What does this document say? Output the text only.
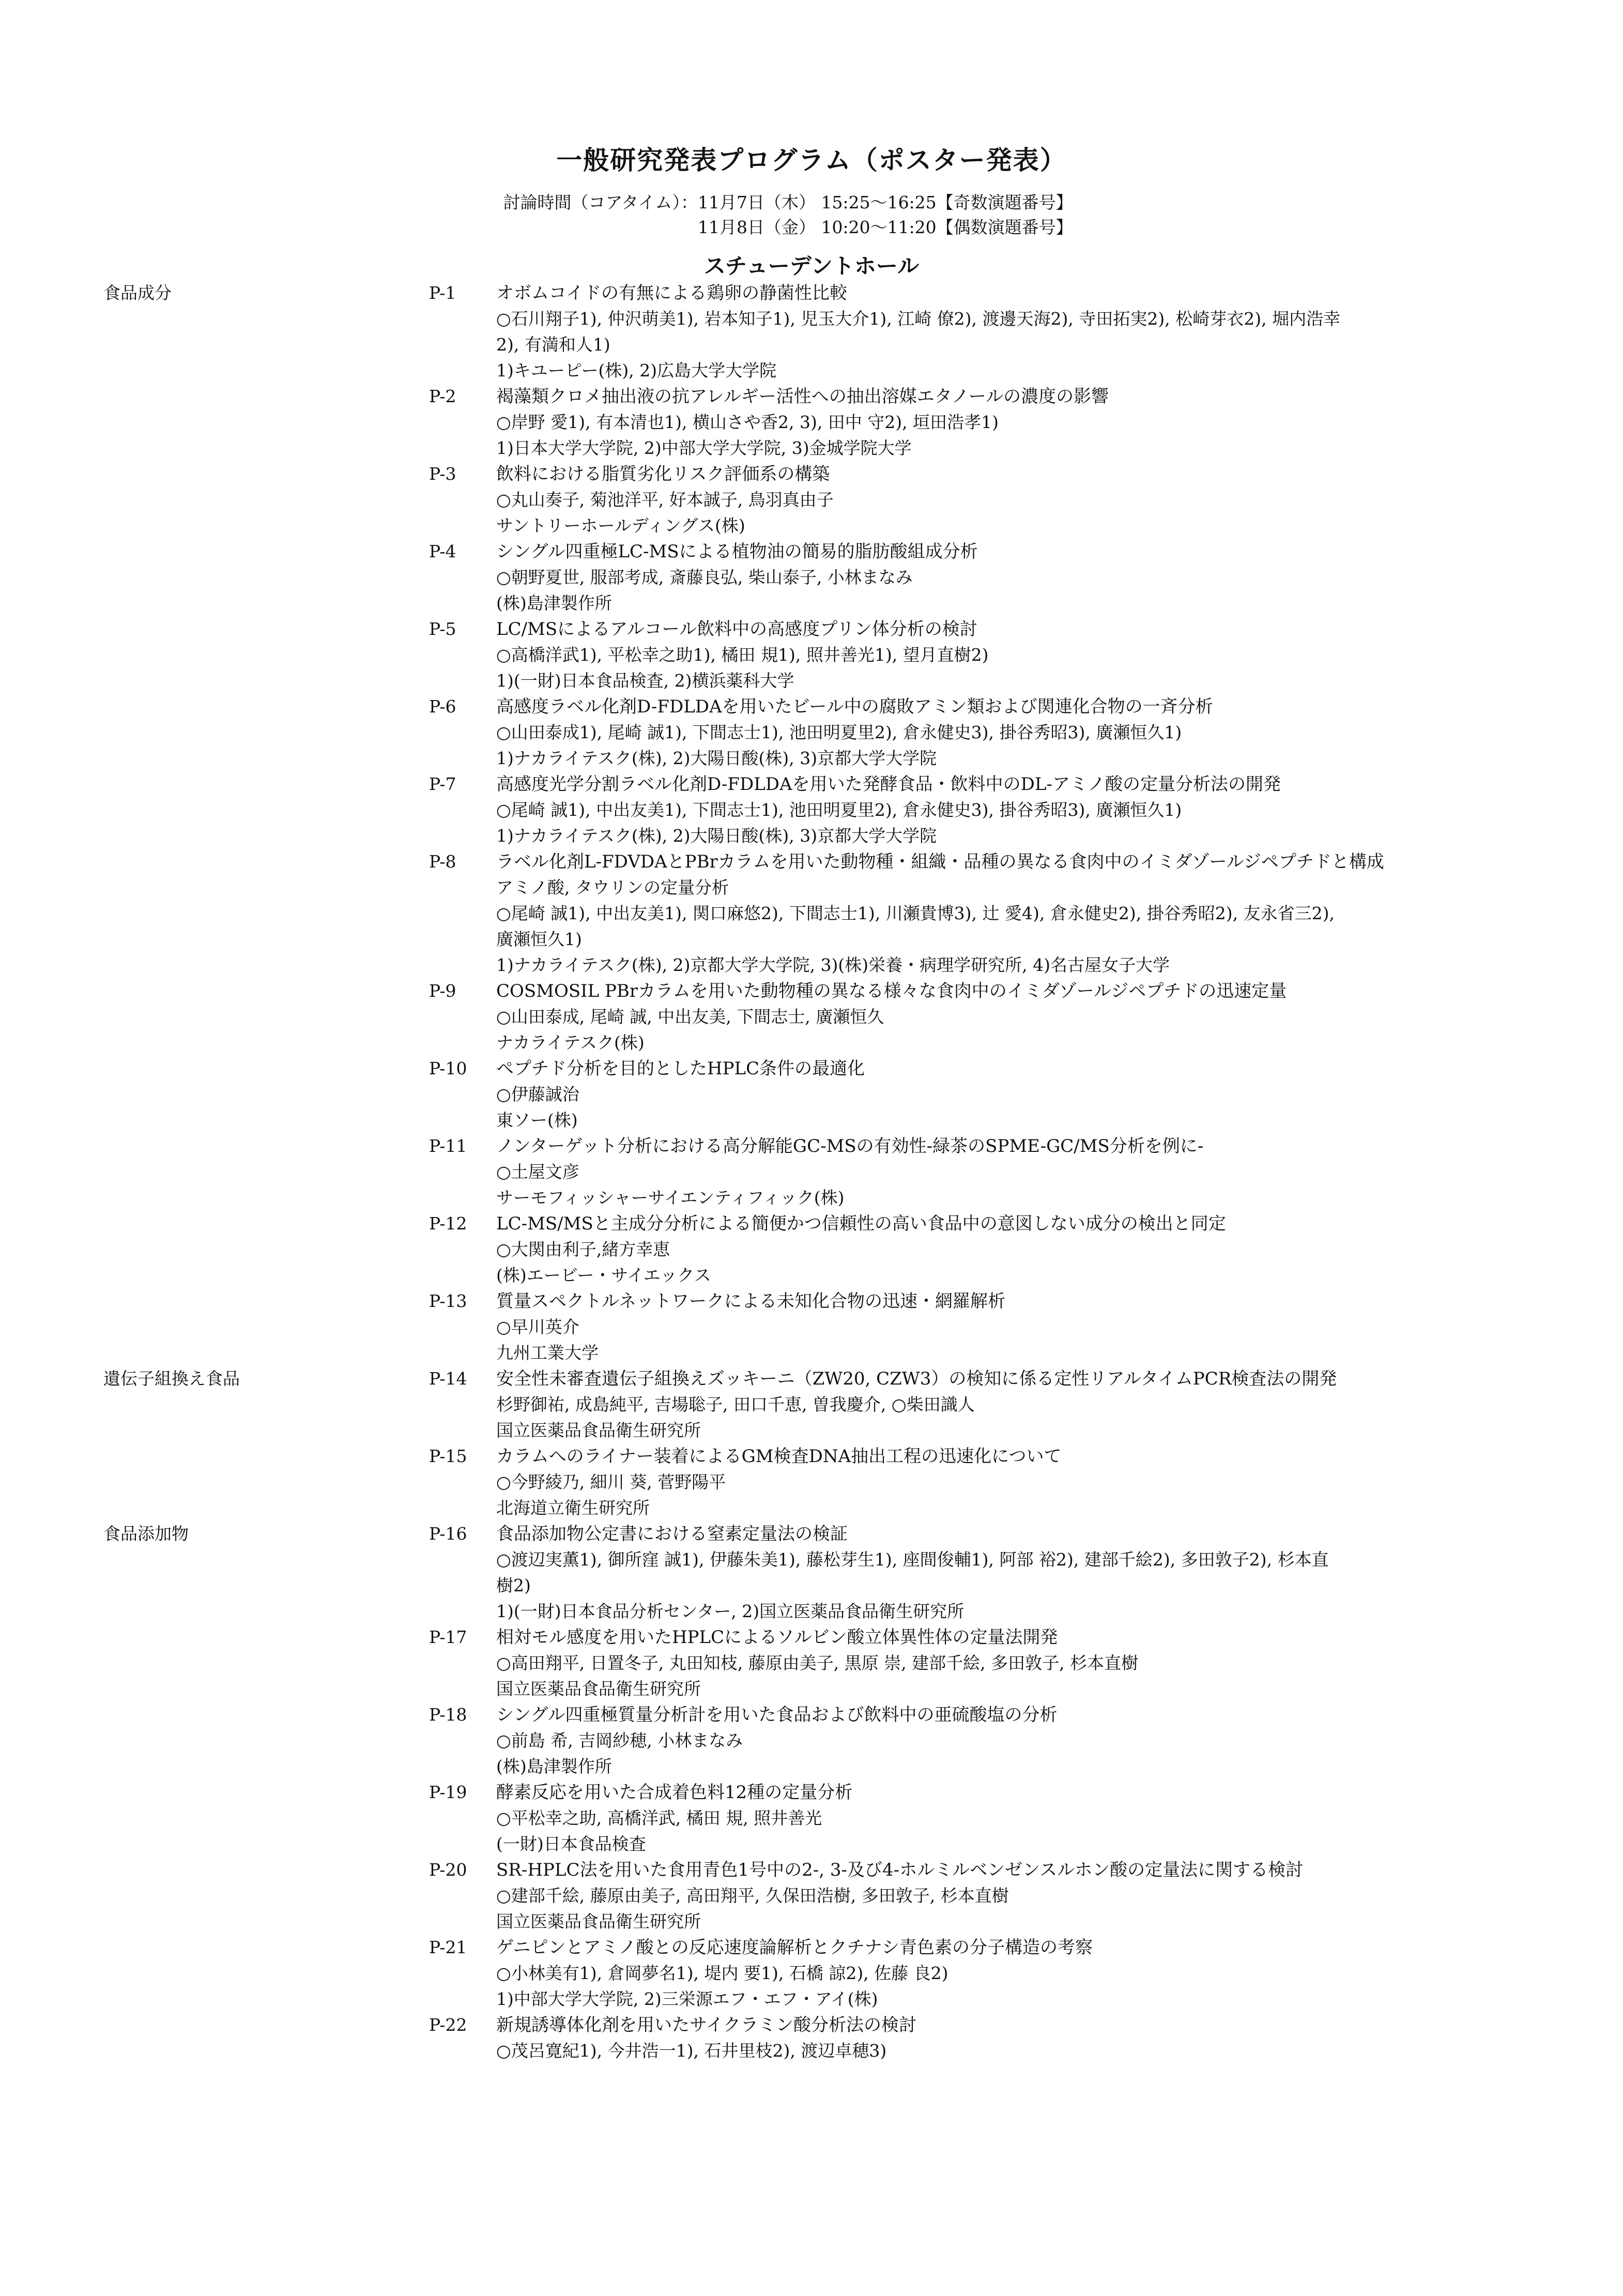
一般研究発表プログラム（ポスター発表）
討論時間（コアタイム）：11月7日（木） 15:25～16:25【奇数演題番号】
11月8日（金） 10:20～11:20【偶数演題番号】
スチューデントホール
食品成分	P-1 オボムコイドの有無による鶏卵の静菌性比較
○石川翔子1), 仲沢萌美1), 岩本知子1), 児玉大介1), 江崎 僚2), 渡邊天海2), 寺田拓実2), 松崎芽衣2), 堀内浩幸
2), 有満和人1)
1)キユーピー(株), 2)広島大学大学院
P-2 褐藻類クロメ抽出液の抗アレルギー活性への抽出溶媒エタノールの濃度の影響
○岸野 愛1), 有本清也1), 横山さや香2, 3), 田中 守2), 垣田浩孝1)
1)日本大学大学院, 2)中部大学大学院, 3)金城学院大学
P-3 飲料における脂質劣化リスク評価系の構築
○丸山奏子, 菊池洋平, 好本誠子, 鳥羽真由子
サントリーホールディングス(株)
P-4 シングル四重極LC-MSによる植物油の簡易的脂肪酸組成分析
○朝野夏世, 服部考成, 斎藤良弘, 柴山泰子, 小林まなみ
(株)島津製作所
P-5 LC/MSによるアルコール飲料中の高感度プリン体分析の検討
○高橋洋武1), 平松幸之助1), 橘田 規1), 照井善光1), 望月直樹2)
1)(一財)日本食品検査, 2)横浜薬科大学
P-6 高感度ラベル化剤D-FDLDAを用いたビール中の腐敗アミン類および関連化合物の一斉分析
○山田泰成1), 尾崎 誠1), 下間志士1), 池田明夏里2), 倉永健史3), 掛谷秀昭3), 廣瀬恒久1)
1)ナカライテスク(株), 2)大陽日酸(株), 3)京都大学大学院
P-7 高感度光学分割ラベル化剤D-FDLDAを用いた発酵食品・飲料中のDL-アミノ酸の定量分析法の開発
○尾崎 誠1), 中出友美1), 下間志士1), 池田明夏里2), 倉永健史3), 掛谷秀昭3), 廣瀬恒久1)
1)ナカライテスク(株), 2)大陽日酸(株), 3)京都大学大学院
P-8 ラベル化剤L-FDVDAとPBrカラムを用いた動物種・組織・品種の異なる食肉中のイミダゾールジペプチドと構成
アミノ酸, タウリンの定量分析
○尾崎 誠1), 中出友美1), 関口麻悠2), 下間志士1), 川瀬貴博3), 辻 愛4), 倉永健史2), 掛谷秀昭2), 友永省三2),
廣瀬恒久1)
1)ナカライテスク(株), 2)京都大学大学院, 3)(株)栄養・病理学研究所, 4)名古屋女子大学
P-9 COSMOSIL PBrカラムを用いた動物種の異なる様々な食肉中のイミダゾールジペプチドの迅速定量
○山田泰成, 尾崎 誠, 中出友美, 下間志士, 廣瀬恒久
ナカライテスク(株)
P-10 ペプチド分析を目的としたHPLC条件の最適化
○伊藤誠治
東ソー(株)
P-11 ノンターゲット分析における高分解能GC-MSの有効性-緑茶のSPME-GC/MS分析を例に-
○土屋文彦
サーモフィッシャーサイエンティフィック(株)
P-12 LC-MS/MSと主成分分析による簡便かつ信頼性の高い食品中の意図しない成分の検出と同定
○大関由利子,緒方幸恵
(株)エービー・サイエックス
P-13 質量スペクトルネットワークによる未知化合物の迅速・網羅解析
○早川英介
九州工業大学
遺伝子組換え食品	P-14 安全性未審査遺伝子組換えズッキーニ（ZW20, CZW3）の検知に係る定性リアルタイムPCR検査法の開発
杉野御祐, 成島純平, 吉場聡子, 田口千恵, 曽我慶介, ○柴田識人
国立医薬品食品衛生研究所
P-15 カラムへのライナー装着によるGM検査DNA抽出工程の迅速化について
○今野綾乃, 細川 葵, 菅野陽平
北海道立衛生研究所
食品添加物	P-16 食品添加物公定書における窒素定量法の検証
○渡辺実薫1), 御所窪 誠1), 伊藤朱美1), 藤松芽生1), 座間俊輔1), 阿部 裕2), 建部千絵2), 多田敦子2), 杉本直
樹2)
1)(一財)日本食品分析センター, 2)国立医薬品食品衛生研究所
P-17 相対モル感度を用いたHPLCによるソルビン酸立体異性体の定量法開発
○高田翔平, 日置冬子, 丸田知枝, 藤原由美子, 黒原 崇, 建部千絵, 多田敦子, 杉本直樹
国立医薬品食品衛生研究所
P-18 シングル四重極質量分析計を用いた食品および飲料中の亜硫酸塩の分析
○前島 希, 吉岡紗穂, 小林まなみ
(株)島津製作所
P-19 酵素反応を用いた合成着色料12種の定量分析
○平松幸之助, 高橋洋武, 橘田 規, 照井善光
(一財)日本食品検査
P-20 SR-HPLC法を用いた食用青色1号中の2-, 3-及び4-ホルミルベンゼンスルホン酸の定量法に関する検討
○建部千絵, 藤原由美子, 高田翔平, 久保田浩樹, 多田敦子, 杉本直樹
国立医薬品食品衛生研究所
P-21 ゲニピンとアミノ酸との反応速度論解析とクチナシ青色素の分子構造の考察
○小林美有1), 倉岡夢名1), 堤内 要1), 石橋 諒2), 佐藤 良2)
1)中部大学大学院, 2)三栄源エフ・エフ・アイ(株)
P-22 新規誘導体化剤を用いたサイクラミン酸分析法の検討
○茂呂寛紀1), 今井浩一1), 石井里枝2), 渡辺卓穂3)
